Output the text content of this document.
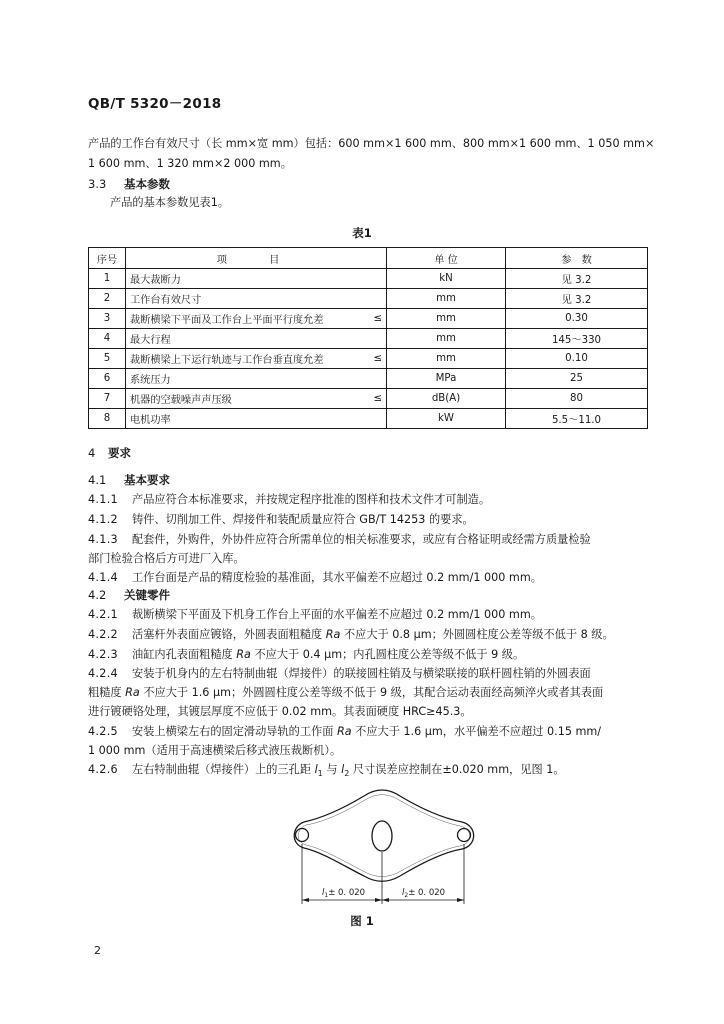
QB/T 5320－2018
产品的工作台有效尺寸（长 mm×宽 mm）包括：600 mm×1 600 mm、800 mm×1 600 mm、1 050 mm×
1 600 mm、1 320 mm×2 000 mm。
3.3 基本参数
产品的基本参数见表1。
表1
序号	项　目	单 位	参　数
1	最大裁断力	kN	见 3.2
2	工作台有效尺寸	mm	见 3.2
3	裁断横梁下平面及工作台上平面平行度允差 ≤	mm	0.30
4	最大行程	mm	145～330
5	裁断横梁上下运行轨迹与工作台垂直度允差 ≤	mm	0.10
6	系统压力	MPa	25
7	机器的空载噪声声压级 ≤	dB(A)	80
8	电机功率	kW	5.5～11.0
4 要求
4.1 基本要求
4.1.1 产品应符合本标准要求，并按规定程序批准的图样和技术文件才可制造。
4.1.2 铸件、切削加工件、焊接件和装配质量应符合 GB/T 14253 的要求。
4.1.3 配套件，外购件，外协件应符合所需单位的相关标准要求，或应有合格证明或经需方质量检验
部门检验合格后方可进厂入库。
4.1.4 工作台面是产品的精度检验的基准面，其水平偏差不应超过 0.2 mm/1 000 mm。
4.2 关键零件
4.2.1 裁断横梁下平面及下机身工作台上平面的水平偏差不应超过 0.2 mm/1 000 mm。
4.2.2 活塞杆外表面应镀铬，外圆表面粗糙度 Ra 不应大于 0.8 μm；外圆圆柱度公差等级不低于 8 级。
4.2.3 油缸内孔表面粗糙度 Ra 不应大于 0.4 μm；内孔圆柱度公差等级不低于 9 级。
4.2.4 安装于机身内的左右特制曲辊（焊接件）的联接圆柱销及与横梁联接的联杆圆柱销的外圆表面
粗糙度 Ra 不应大于 1.6 μm；外圆圆柱度公差等级不低于 9 级，其配合运动表面经高频淬火或者其表面
进行镀硬铬处理，其镀层厚度不应低于 0.02 mm。其表面硬度 HRC≥45.3。
4.2.5 安装上横梁左右的固定滑动导轨的工作面 Ra 不应大于 1.6 μm，水平偏差不应超过 0.15 mm/
1 000 mm（适用于高速横梁后移式液压裁断机）。
4.2.6 左右特制曲辊（焊接件）上的三孔距 $l_1$ 与 $l_2$ 尺寸误差应控制在±0.020 mm，见图 1。
$l_1\pm 0$. 020	$l_2\pm 0$. 020
图 1
2
